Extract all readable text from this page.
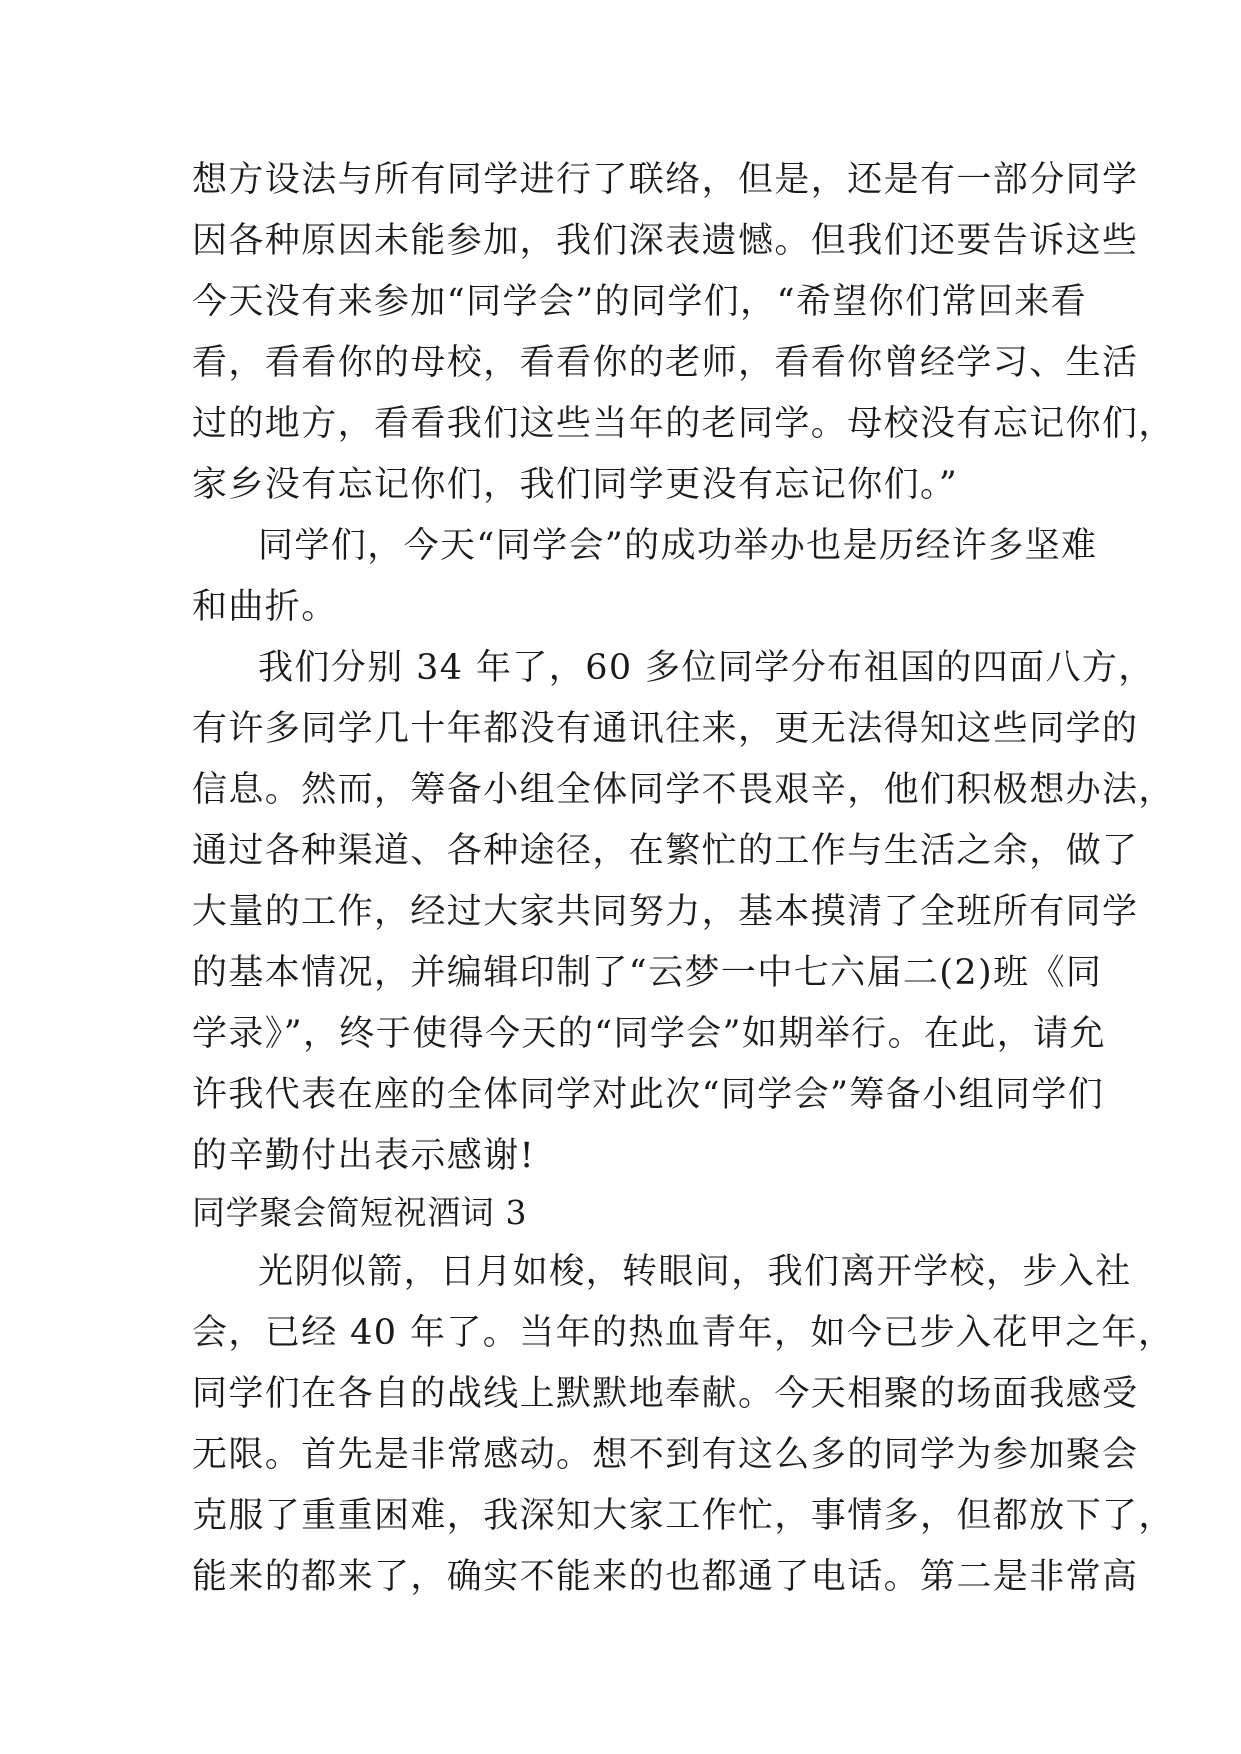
想方设法与所有同学进行了联络，但是，还是有一部分同学
因各种原因未能参加，我们深表遗憾。但我们还要告诉这些
今天没有来参加“同学会”的同学们，“希望你们常回来看
看，看看你的母校，看看你的老师，看看你曾经学习、生活
过的地方，看看我们这些当年的老同学。母校没有忘记你们，
家乡没有忘记你们，我们同学更没有忘记你们。”
同学们，今天“同学会”的成功举办也是历经许多坚难
和曲折。
我们分别 34 年了，60 多位同学分布祖国的四面八方，
有许多同学几十年都没有通讯往来，更无法得知这些同学的
信息。然而，筹备小组全体同学不畏艰辛，他们积极想办法，
通过各种渠道、各种途径，在繁忙的工作与生活之余，做了
大量的工作，经过大家共同努力，基本摸清了全班所有同学
的基本情况，并编辑印制了“云梦一中七六届二(2)班《同
学录》”，终于使得今天的“同学会”如期举行。在此，请允
许我代表在座的全体同学对此次“同学会”筹备小组同学们
的辛勤付出表示感谢!
同学聚会简短祝酒词 3
光阴似箭，日月如梭，转眼间，我们离开学校，步入社
会，已经 40 年了。当年的热血青年，如今已步入花甲之年，
同学们在各自的战线上默默地奉献。今天相聚的场面我感受
无限。首先是非常感动。想不到有这么多的同学为参加聚会
克服了重重困难，我深知大家工作忙，事情多，但都放下了，
能来的都来了，确实不能来的也都通了电话。第二是非常高
